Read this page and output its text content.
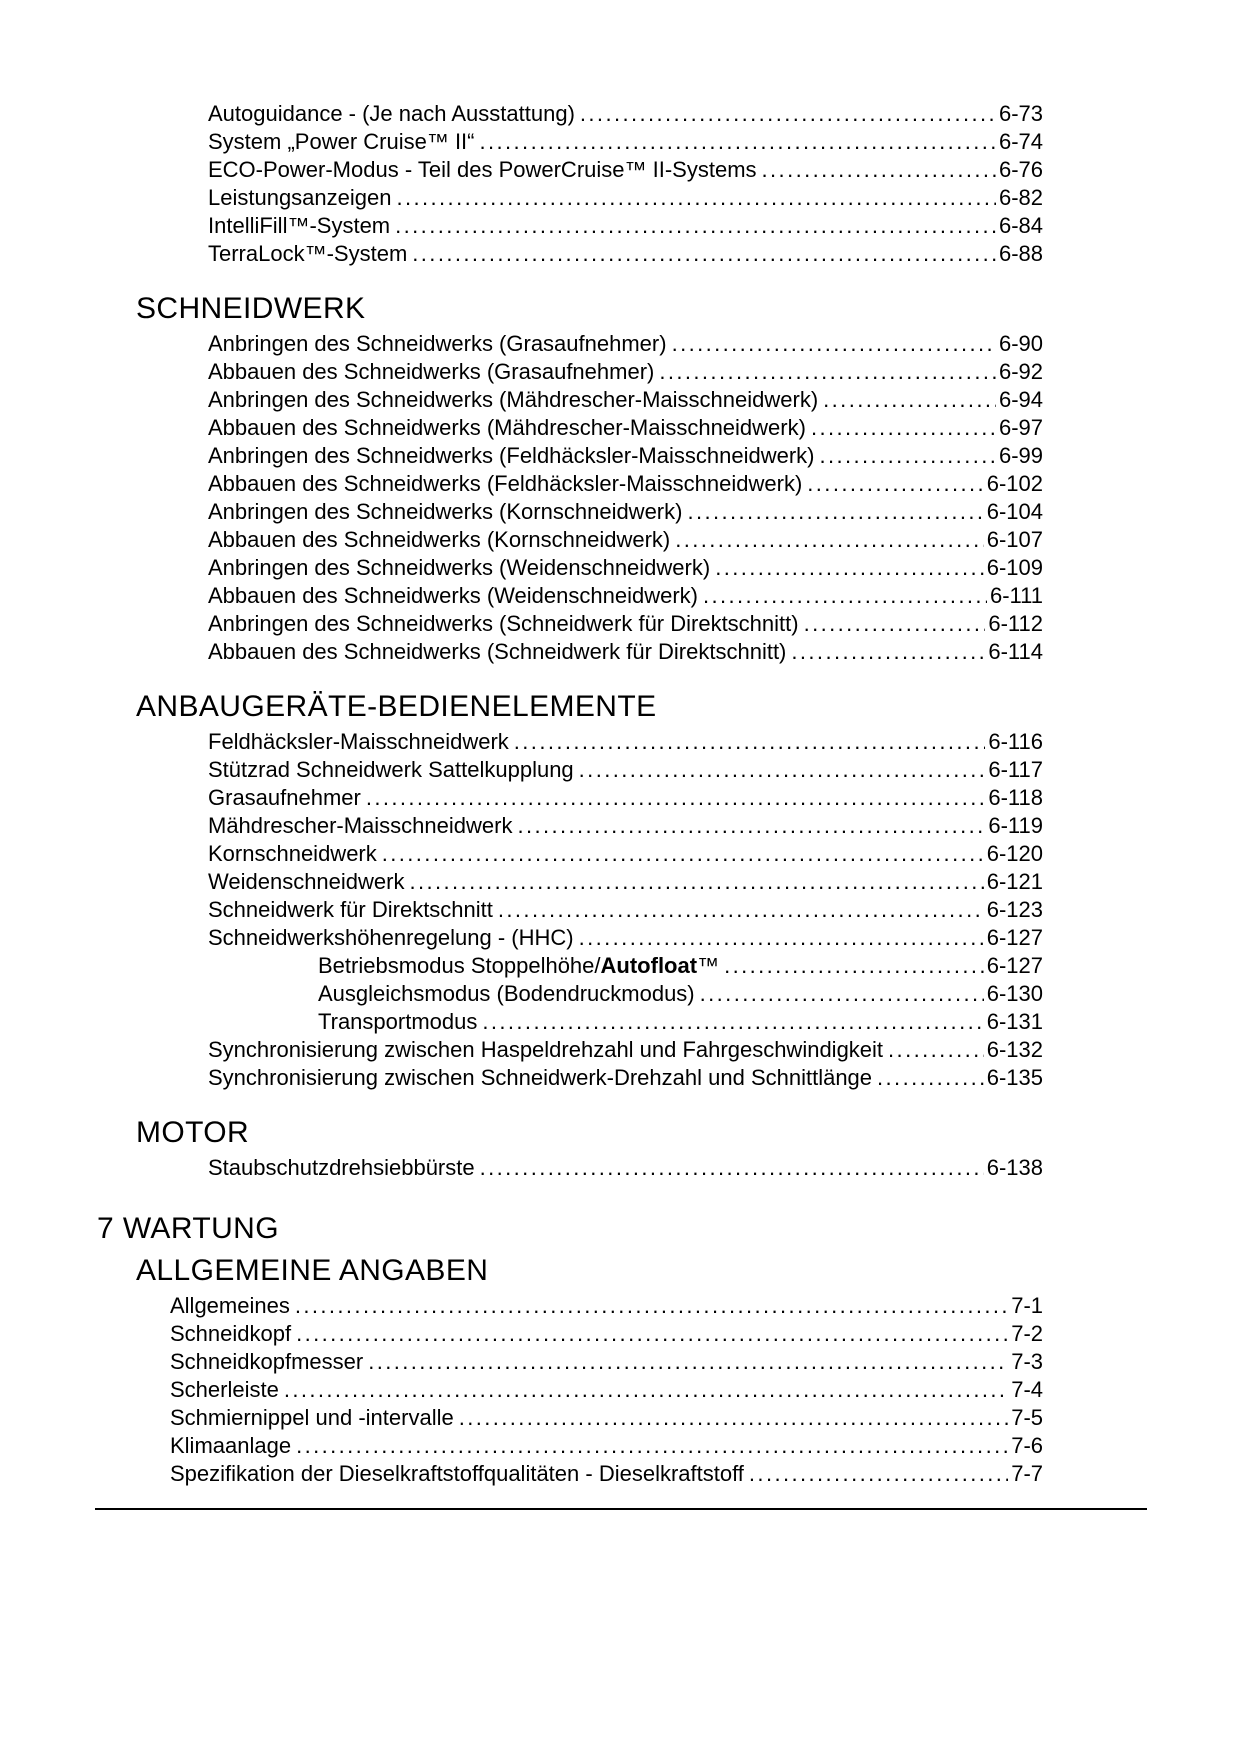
Autoguidance - (Je nach Ausstattung) .....	6-73
System „Power Cruise™ II“ .....	6-74
ECO-Power-Modus - Teil des PowerCruise™ II-Systems .....	6-76
Leistungsanzeigen .....	6-82
IntelliFill™-System .....	6-84
TerraLock™-System .....	6-88
SCHNEIDWERK
Anbringen des Schneidwerks (Grasaufnehmer) .....	6-90
Abbauen des Schneidwerks (Grasaufnehmer) .....	6-92
Anbringen des Schneidwerks (Mähdrescher-Maisschneidwerk) .....	6-94
Abbauen des Schneidwerks (Mähdrescher-Maisschneidwerk) .....	6-97
Anbringen des Schneidwerks (Feldhäcksler-Maisschneidwerk) .....	6-99
Abbauen des Schneidwerks (Feldhäcksler-Maisschneidwerk) .....	6-102
Anbringen des Schneidwerks (Kornschneidwerk) .....	6-104
Abbauen des Schneidwerks (Kornschneidwerk) .....	6-107
Anbringen des Schneidwerks (Weidenschneidwerk) .....	6-109
Abbauen des Schneidwerks (Weidenschneidwerk) .....	6-111
Anbringen des Schneidwerks (Schneidwerk für Direktschnitt) .....	6-112
Abbauen des Schneidwerks (Schneidwerk für Direktschnitt) .....	6-114
ANBAUGERÄTE-BEDIENELEMENTE
Feldhäcksler-Maisschneidwerk .....	6-116
Stützrad Schneidwerk Sattelkupplung .....	6-117
Grasaufnehmer .....	6-118
Mähdrescher-Maisschneidwerk .....	6-119
Kornschneidwerk .....	6-120
Weidenschneidwerk .....	6-121
Schneidwerk für Direktschnitt .....	6-123
Schneidwerkshöhenregelung - (HHC) .....	6-127
Betriebsmodus Stoppelhöhe/Autofloat™ .....	6-127
Ausgleichsmodus (Bodendruckmodus) .....	6-130
Transportmodus .....	6-131
Synchronisierung zwischen Haspeldrehzahl und Fahrgeschwindigkeit .....	6-132
Synchronisierung zwischen Schneidwerk-Drehzahl und Schnittlänge .....	6-135
MOTOR
Staubschutzdrehsiebbürste .....	6-138
7 WARTUNG
ALLGEMEINE ANGABEN
Allgemeines .....	7-1
Schneidkopf .....	7-2
Schneidkopfmesser .....	7-3
Scherleiste .....	7-4
Schmiernippel und -intervalle .....	7-5
Klimaanlage .....	7-6
Spezifikation der Dieselkraftstoffqualitäten - Dieselkraftstoff .....	7-7
